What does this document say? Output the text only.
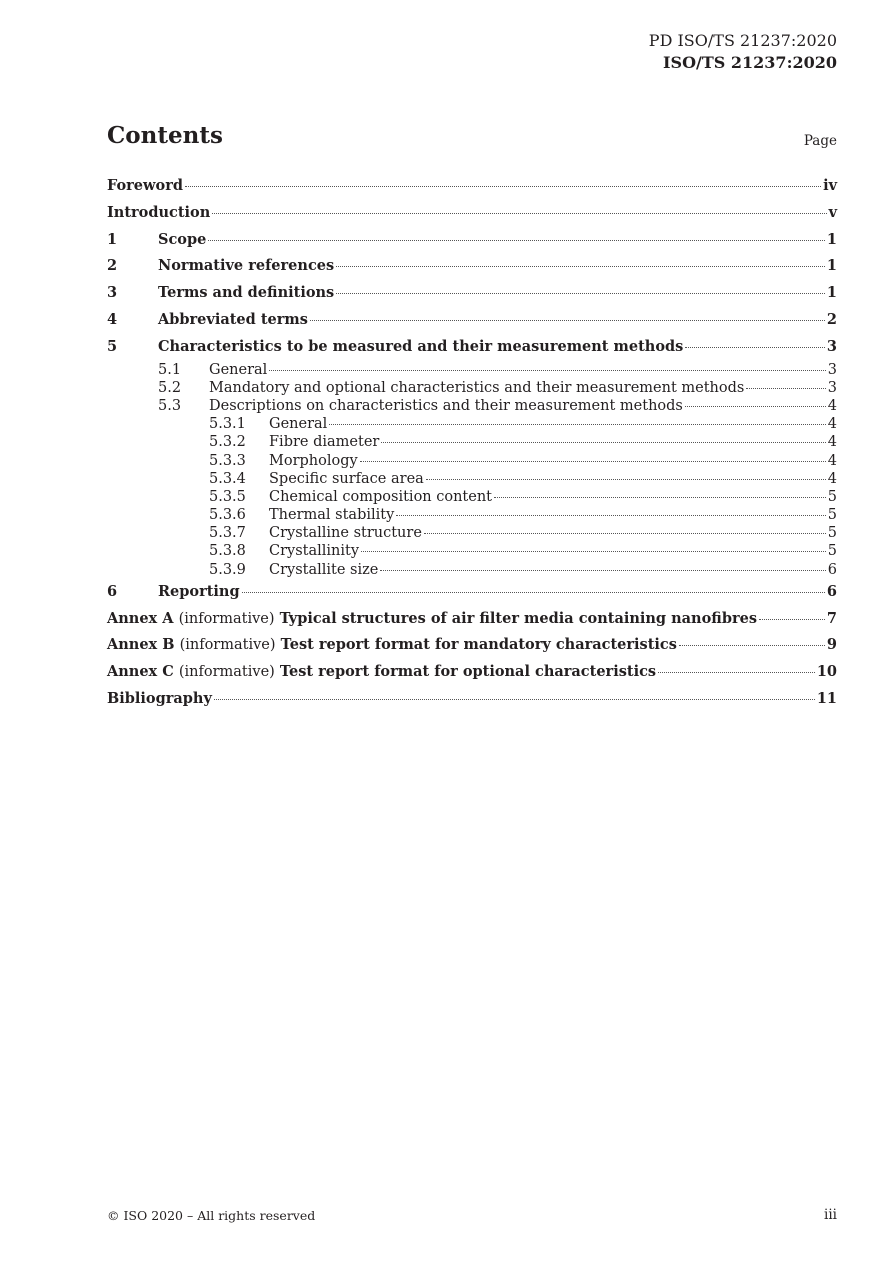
PD ISO/TS 21237:2020
ISO/TS 21237:2020
Contents	Page
Foreword	iv
Introduction	v
1	Scope	1
2	Normative references	1
3	Terms and definitions	1
4	Abbreviated terms	2
5	Characteristics to be measured and their measurement methods	3
5.1	General	3
5.2	Mandatory and optional characteristics and their measurement methods	3
5.3	Descriptions on characteristics and their measurement methods	4
5.3.1	General	4
5.3.2	Fibre diameter	4
5.3.3	Morphology	4
5.3.4	Specific surface area	4
5.3.5	Chemical composition content	5
5.3.6	Thermal stability	5
5.3.7	Crystalline structure	5
5.3.8	Crystallinity	5
5.3.9	Crystallite size	6
6	Reporting	6
Annex A (informative) Typical structures of air filter media containing nanofibres	7
Annex B (informative) Test report format for mandatory characteristics	9
Annex C (informative) Test report format for optional characteristics	10
Bibliography	11
© ISO 2020 – All rights reserved	iii
